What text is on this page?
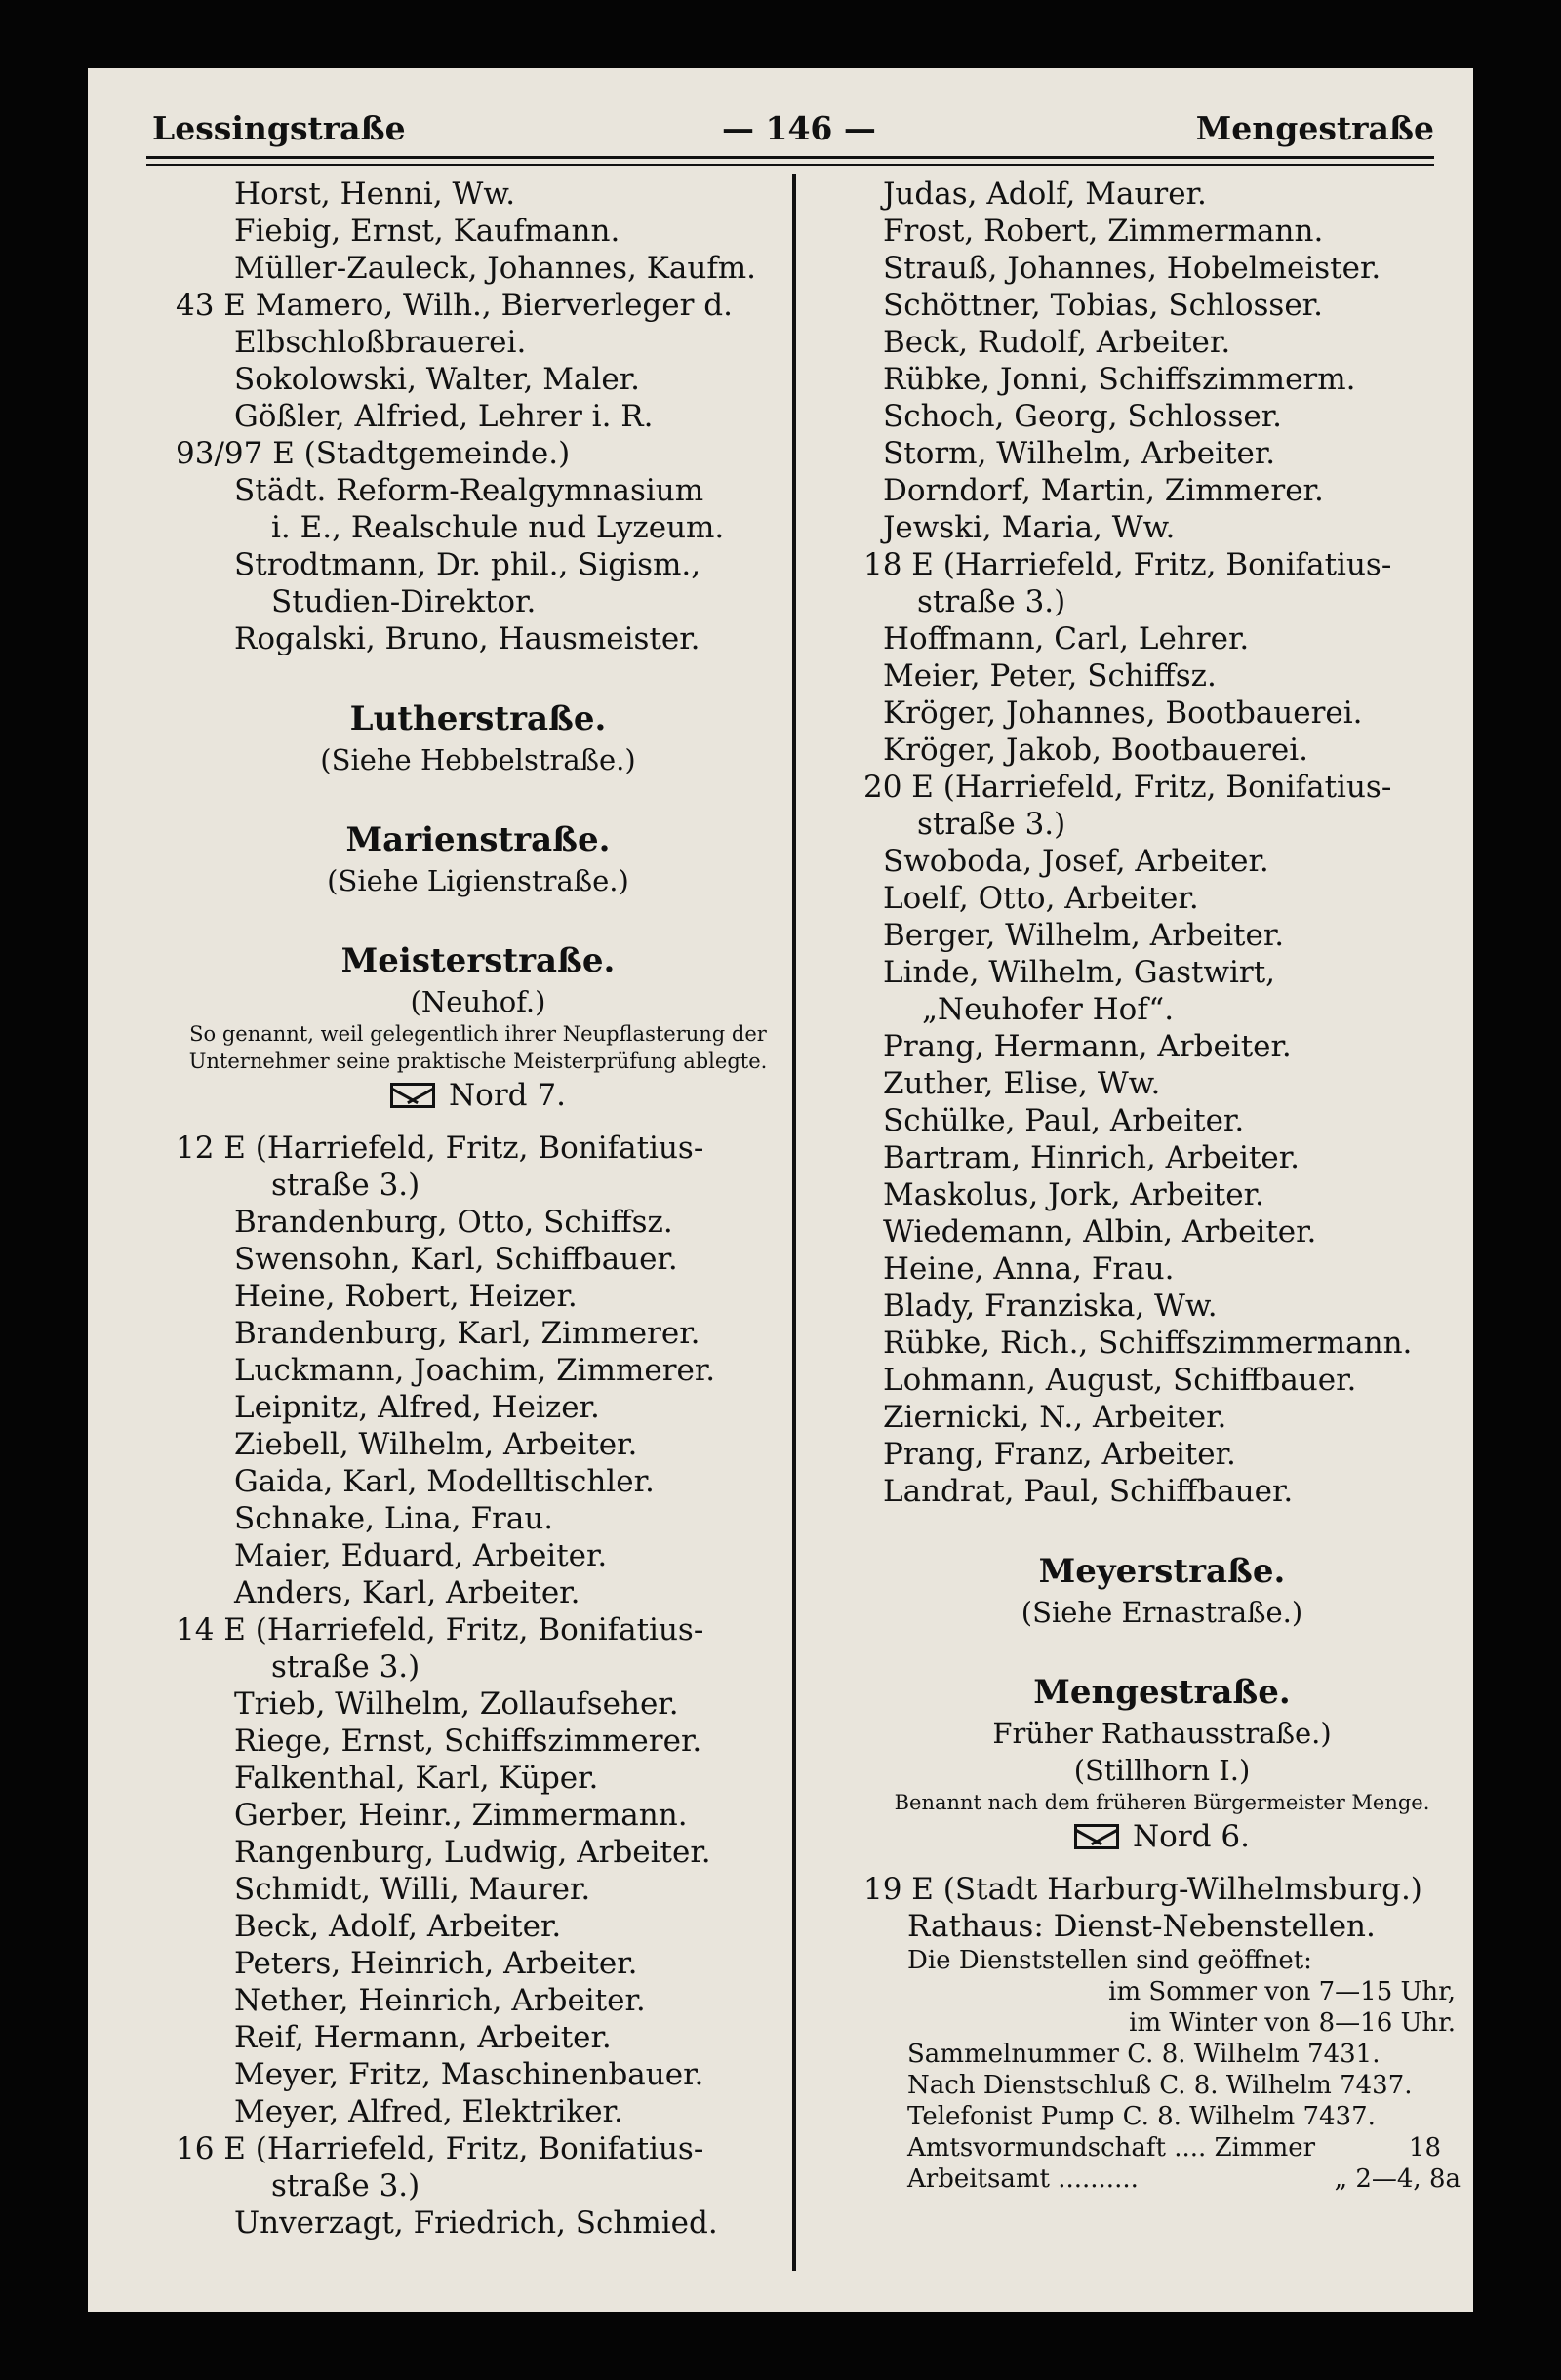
Lessingstraße	— 146 —	Mengestraße
Horst, Henni, Ww.
Fiebig, Ernst, Kaufmann.
Müller-Zauleck, Johannes, Kaufm.
43 E Mamero, Wilh., Bierverleger d.
Elbschloßbrauerei.
Sokolowski, Walter, Maler.
Gößler, Alfried, Lehrer i. R.
93/97 E (Stadtgemeinde.)
Städt. Reform-Realgymnasium
i. E., Realschule nud Lyzeum.
Strodtmann, Dr. phil., Sigism.,
Studien-Direktor.
Rogalski, Bruno, Hausmeister.
Lutherstraße.
(Siehe Hebbelstraße.)
Marienstraße.
(Siehe Ligienstraße.)
Meisterstraße.
(Neuhof.)
So genannt, weil gelegentlich ihrer Neupflasterung der
Unternehmer seine praktische Meisterprüfung ablegte.
Nord 7.
12 E (Harriefeld, Fritz, Bonifatius-
straße 3.)
Brandenburg, Otto, Schiffsz.
Swensohn, Karl, Schiffbauer.
Heine, Robert, Heizer.
Brandenburg, Karl, Zimmerer.
Luckmann, Joachim, Zimmerer.
Leipnitz, Alfred, Heizer.
Ziebell, Wilhelm, Arbeiter.
Gaida, Karl, Modelltischler.
Schnake, Lina, Frau.
Maier, Eduard, Arbeiter.
Anders, Karl, Arbeiter.
14 E (Harriefeld, Fritz, Bonifatius-
straße 3.)
Trieb, Wilhelm, Zollaufseher.
Riege, Ernst, Schiffszimmerer.
Falkenthal, Karl, Küper.
Gerber, Heinr., Zimmermann.
Rangenburg, Ludwig, Arbeiter.
Schmidt, Willi, Maurer.
Beck, Adolf, Arbeiter.
Peters, Heinrich, Arbeiter.
Nether, Heinrich, Arbeiter.
Reif, Hermann, Arbeiter.
Meyer, Fritz, Maschinenbauer.
Meyer, Alfred, Elektriker.
16 E (Harriefeld, Fritz, Bonifatius-
straße 3.)
Unverzagt, Friedrich, Schmied.
Judas, Adolf, Maurer.
Frost, Robert, Zimmermann.
Strauß, Johannes, Hobelmeister.
Schöttner, Tobias, Schlosser.
Beck, Rudolf, Arbeiter.
Rübke, Jonni, Schiffszimmerm.
Schoch, Georg, Schlosser.
Storm, Wilhelm, Arbeiter.
Dorndorf, Martin, Zimmerer.
Jewski, Maria, Ww.
18 E (Harriefeld, Fritz, Bonifatius-
straße 3.)
Hoffmann, Carl, Lehrer.
Meier, Peter, Schiffsz.
Kröger, Johannes, Bootbauerei.
Kröger, Jakob, Bootbauerei.
20 E (Harriefeld, Fritz, Bonifatius-
straße 3.)
Swoboda, Josef, Arbeiter.
Loelf, Otto, Arbeiter.
Berger, Wilhelm, Arbeiter.
Linde, Wilhelm, Gastwirt,
„Neuhofer Hof“.
Prang, Hermann, Arbeiter.
Zuther, Elise, Ww.
Schülke, Paul, Arbeiter.
Bartram, Hinrich, Arbeiter.
Maskolus, Jork, Arbeiter.
Wiedemann, Albin, Arbeiter.
Heine, Anna, Frau.
Blady, Franziska, Ww.
Rübke, Rich., Schiffszimmermann.
Lohmann, August, Schiffbauer.
Ziernicki, N., Arbeiter.
Prang, Franz, Arbeiter.
Landrat, Paul, Schiffbauer.
Meyerstraße.
(Siehe Ernastraße.)
Mengestraße.
Früher Rathausstraße.)
(Stillhorn I.)
Benannt nach dem früheren Bürgermeister Menge.
Nord 6.
19 E (Stadt Harburg-Wilhelmsburg.)
Rathaus: Dienst-Nebenstellen.
Die Dienststellen sind geöffnet:
im Sommer von 7—15 Uhr,
im Winter von 8—16 Uhr.
Sammelnummer C. 8. Wilhelm 7431.
Nach Dienstschluß C. 8. Wilhelm 7437.
Telefonist Pump C. 8. Wilhelm 7437.
Amtsvormundschaft .... Zimmer	18
Arbeitsamt ..........	„ 2—4, 8a
